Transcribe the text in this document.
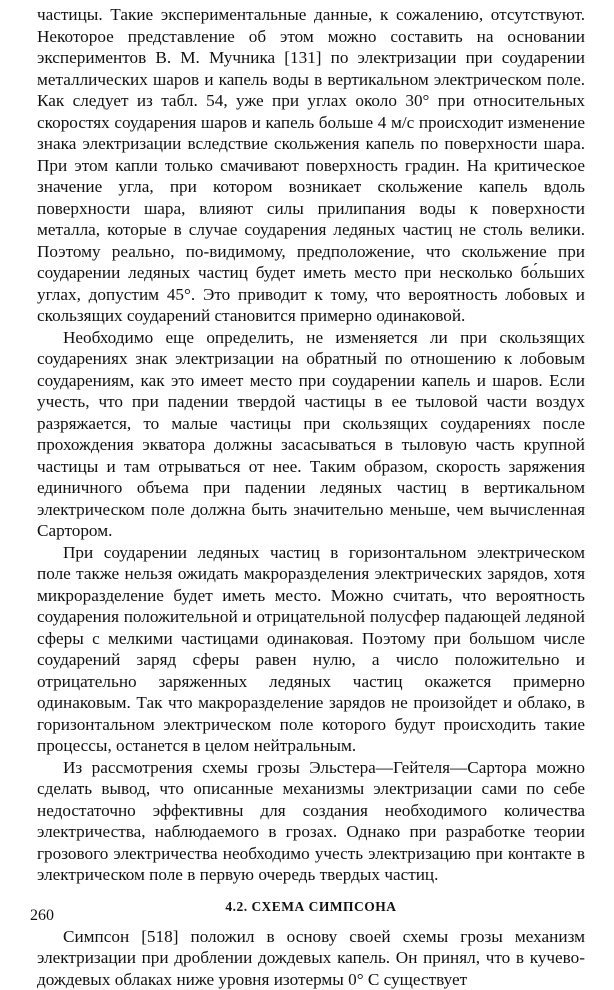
частицы. Такие экспериментальные данные, к сожалению, отсутствуют. Некоторое представление об этом можно составить на основании экспериментов В. М. Мучника [131] по электризации при соударении металлических шаров и капель воды в вертикальном электрическом поле. Как следует из табл. 54, уже при углах около 30° при относительных скоростях соударения шаров и капель больше 4 м/с происходит изменение знака электризации вследствие скольжения капель по поверхности шара. При этом капли только смачивают поверхность градин. На критическое значение угла, при котором возникает скольжение капель вдоль поверхности шара, влияют силы прилипания воды к поверхности металла, которые в случае соударения ледяных частиц не столь велики. Поэтому реально, по-видимому, предположение, что скольжение при соударении ледяных частиц будет иметь место при несколько бо́льших углах, допустим 45°. Это приводит к тому, что вероятность лобовых и скользящих соударений становится примерно одинаковой.

Необходимо еще определить, не изменяется ли при скользящих соударениях знак электризации на обратный по отношению к лобовым соударениям, как это имеет место при соударении капель и шаров. Если учесть, что при падении твердой частицы в ее тыловой части воздух разряжается, то малые частицы при скользящих соударениях после прохождения экватора должны засасываться в тыловую часть крупной частицы и там отрываться от нее. Таким образом, скорость заряжения единичного объема при падении ледяных частиц в вертикальном электрическом поле должна быть значительно меньше, чем вычисленная Сартором.

При соударении ледяных частиц в горизонтальном электрическом поле также нельзя ожидать макроразделения электрических зарядов, хотя микроразделение будет иметь место. Можно считать, что вероятность соударения положительной и отрицательной полусфер падающей ледяной сферы с мелкими частицами одинаковая. Поэтому при большом числе соударений заряд сферы равен нулю, а число положительно и отрицательно заряженных ледяных частиц окажется примерно одинаковым. Так что макроразделение зарядов не произойдет и облако, в горизонтальном электрическом поле которого будут происходить такие процессы, останется в целом нейтральным.

Из рассмотрения схемы грозы Эльстера—Гейтеля—Сартора можно сделать вывод, что описанные механизмы электризации сами по себе недостаточно эффективны для создания необходимого количества электричества, наблюдаемого в грозах. Однако при разработке теории грозового электричества необходимо учесть электризацию при контакте в электрическом поле в первую очередь твердых частиц.

4.2. СХЕМА СИМПСОНА

Симпсон [518] положил в основу своей схемы грозы механизм электризации при дроблении дождевых капель. Он принял, что в кучево-дождевых облаках ниже уровня изотермы 0° С существует

260
